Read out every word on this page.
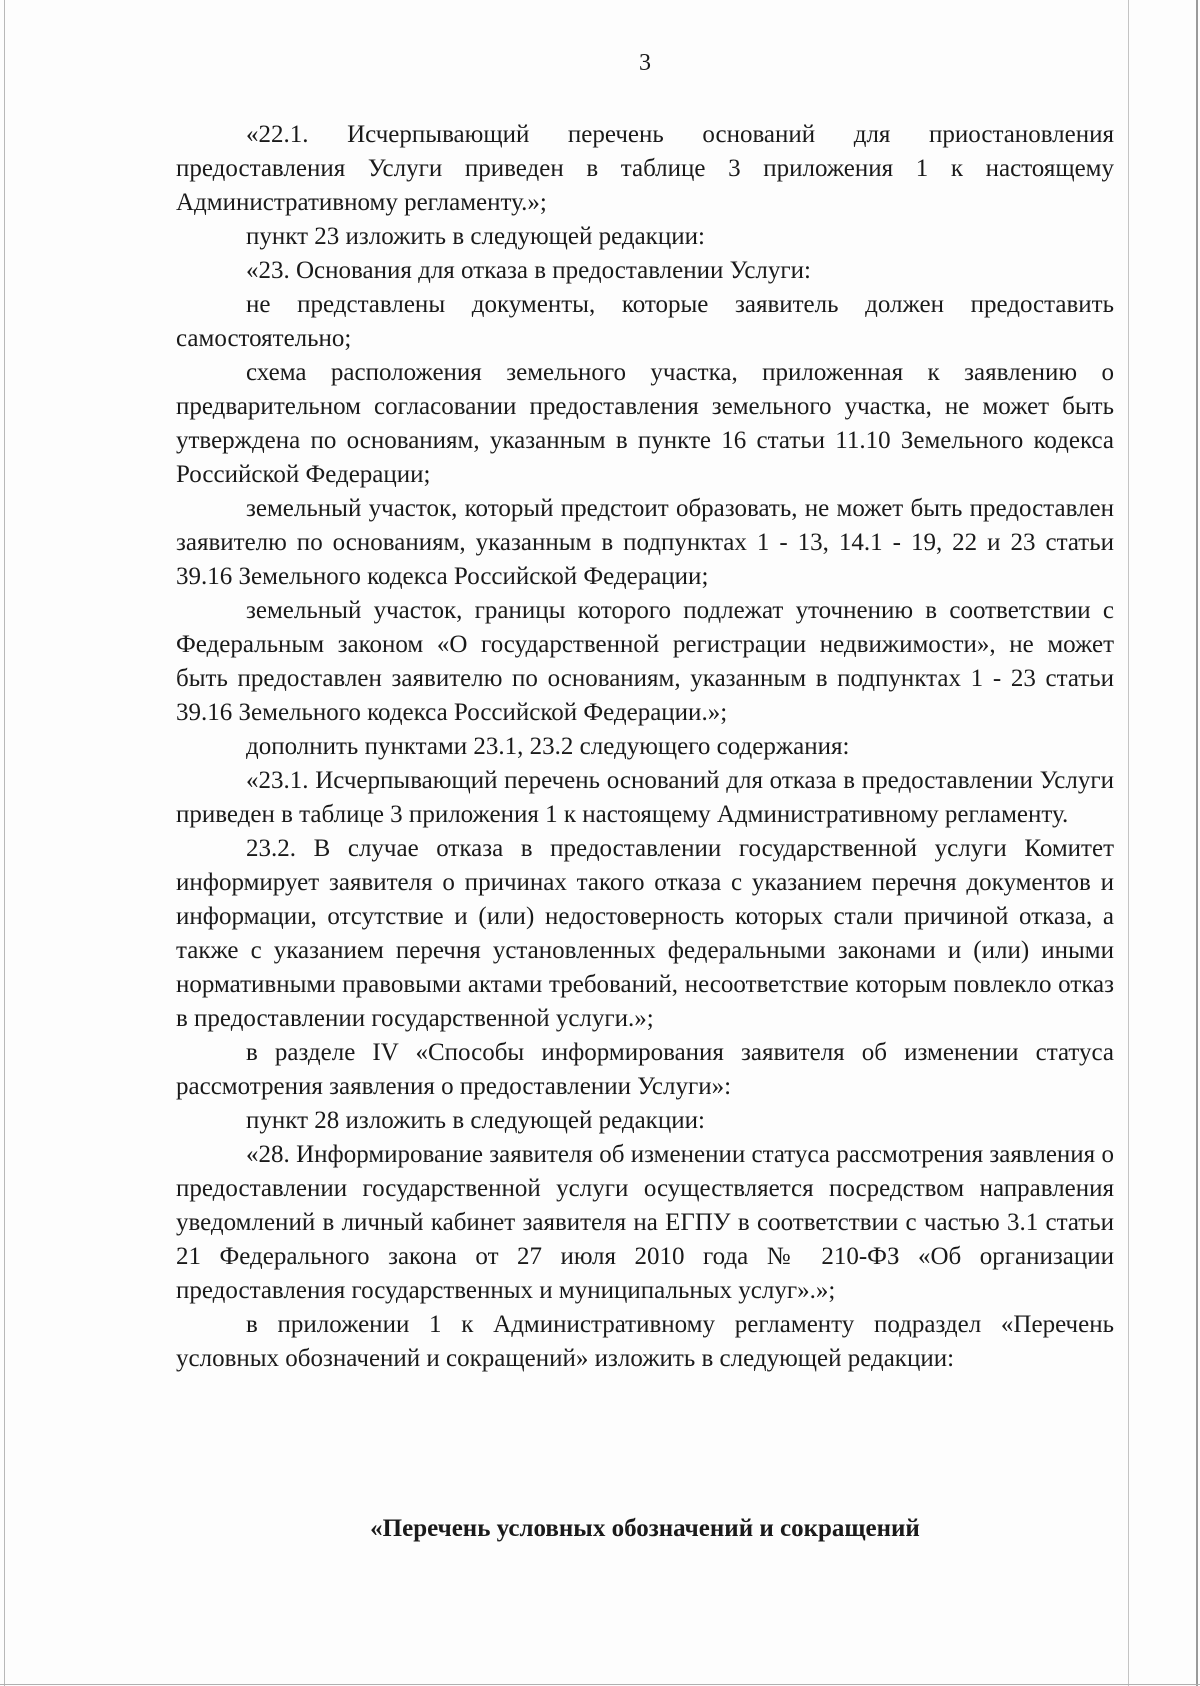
3

«22.1. Исчерпывающий перечень оснований для приостановления предоставления Услуги приведен в таблице 3 приложения 1 к настоящему Административному регламенту.»;

пункт 23 изложить в следующей редакции:

«23. Основания для отказа в предоставлении Услуги:

не представлены документы, которые заявитель должен предоставить самостоятельно;

схема расположения земельного участка, приложенная к заявлению о предварительном согласовании предоставления земельного участка, не может быть утверждена по основаниям, указанным в пункте 16 статьи 11.10 Земельного кодекса Российской Федерации;

земельный участок, который предстоит образовать, не может быть предоставлен заявителю по основаниям, указанным в подпунктах 1 - 13, 14.1 - 19, 22 и 23 статьи 39.16 Земельного кодекса Российской Федерации;

земельный участок, границы которого подлежат уточнению в соответствии с Федеральным законом «О государственной регистрации недвижимости», не может быть предоставлен заявителю по основаниям, указанным в подпунктах 1 - 23 статьи 39.16 Земельного кодекса Российской Федерации.»;

дополнить пунктами 23.1, 23.2 следующего содержания:

«23.1. Исчерпывающий перечень оснований для отказа в предоставлении Услуги приведен в таблице 3 приложения 1 к настоящему Административному регламенту.

23.2. В случае отказа в предоставлении государственной услуги Комитет информирует заявителя о причинах такого отказа с указанием перечня документов и информации, отсутствие и (или) недостоверность которых стали причиной отказа, а также с указанием перечня установленных федеральными законами и (или) иными нормативными правовыми актами требований, несоответствие которым повлекло отказ в предоставлении государственной услуги.»;

в разделе IV «Способы информирования заявителя об изменении статуса рассмотрения заявления о предоставлении Услуги»:

пункт 28 изложить в следующей редакции:

«28. Информирование заявителя об изменении статуса рассмотрения заявления о предоставлении государственной услуги осуществляется посредством направления уведомлений в личный кабинет заявителя на ЕГПУ в соответствии с частью 3.1 статьи 21 Федерального закона от 27 июля 2010 года № 210-ФЗ «Об организации предоставления государственных и муниципальных услуг».»;

в приложении 1 к Административному регламенту подраздел «Перечень условных обозначений и сокращений» изложить в следующей редакции:

«Перечень условных обозначений и сокращений
